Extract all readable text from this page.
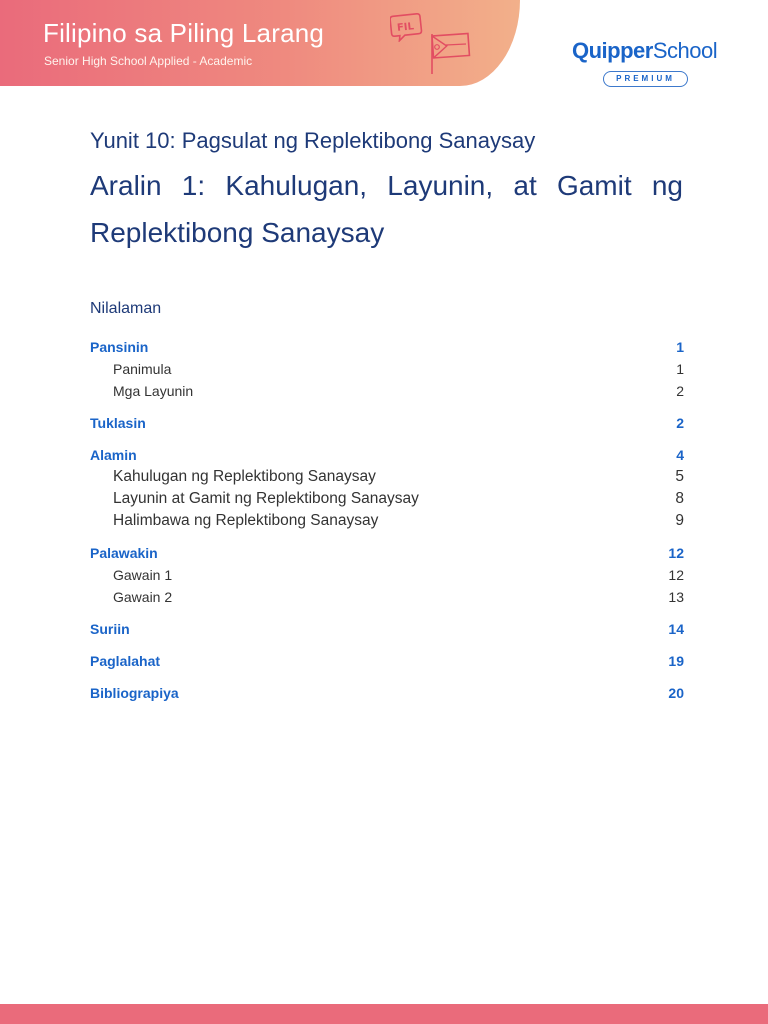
Filipino sa Piling Larang
Senior High School Applied - Academic
FIL
QuipperSchool
PREMIUM
Yunit 10: Pagsulat ng Replektibong Sanaysay
Aralin 1: Kahulugan, Layunin, at Gamit ng Replektibong Sanaysay
Nilalaman
Pansinin	1
Panimula	1
Mga Layunin	2
Tuklasin	2
Alamin	4
Kahulugan ng Replektibong Sanaysay	5
Layunin at Gamit ng Replektibong Sanaysay	8
Halimbawa ng Replektibong Sanaysay	9
Palawakin	12
Gawain 1	12
Gawain 2	13
Suriin	14
Paglalahat	19
Bibliograpiya	20
